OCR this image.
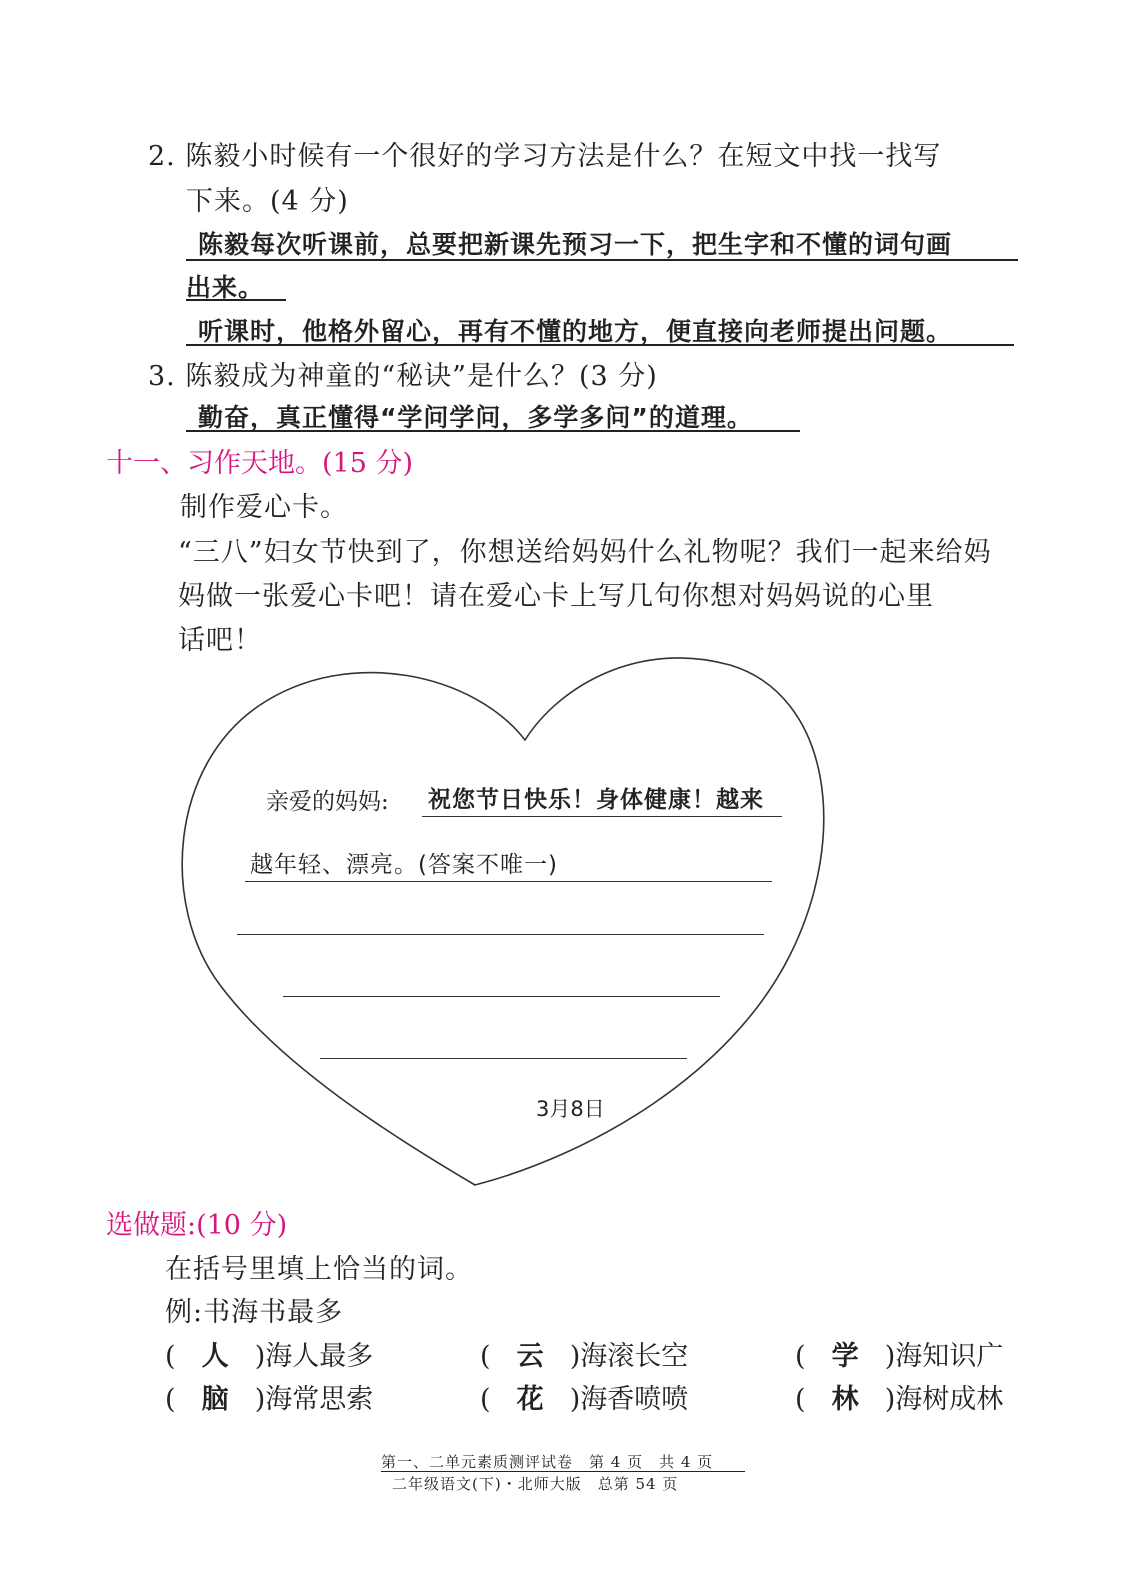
2. 陈毅小时候有一个很好的学习方法是什么？在短文中找一找写
下来。(4 分)
陈毅每次听课前，总要把新课先预习一下，把生字和不懂的词句画
出来。
听课时，他格外留心，再有不懂的地方，便直接向老师提出问题。
3. 陈毅成为神童的“秘诀”是什么？(3 分)
勤奋，真正懂得“学问学问，多学多问”的道理。
十一、习作天地。(15 分)
制作爱心卡。
“三八”妇女节快到了，你想送给妈妈什么礼物呢？我们一起来给妈
妈做一张爱心卡吧！请在爱心卡上写几句你想对妈妈说的心里
话吧！
亲爱的妈妈: 祝您节日快乐！身体健康！越来
越年轻、漂亮。(答案不唯一)
3月8日
选做题:(10 分)
在括号里填上恰当的词。
例:书海书最多
( 人 )海人最多	( 云 )海滚长空	( 学 )海知识广
( 脑 )海常思索	( 花 )海香喷喷	( 林 )海树成林
第一、二单元素质测评试卷　第 4 页　共 4 页
二年级语文(下)・北师大版　总第 54 页
